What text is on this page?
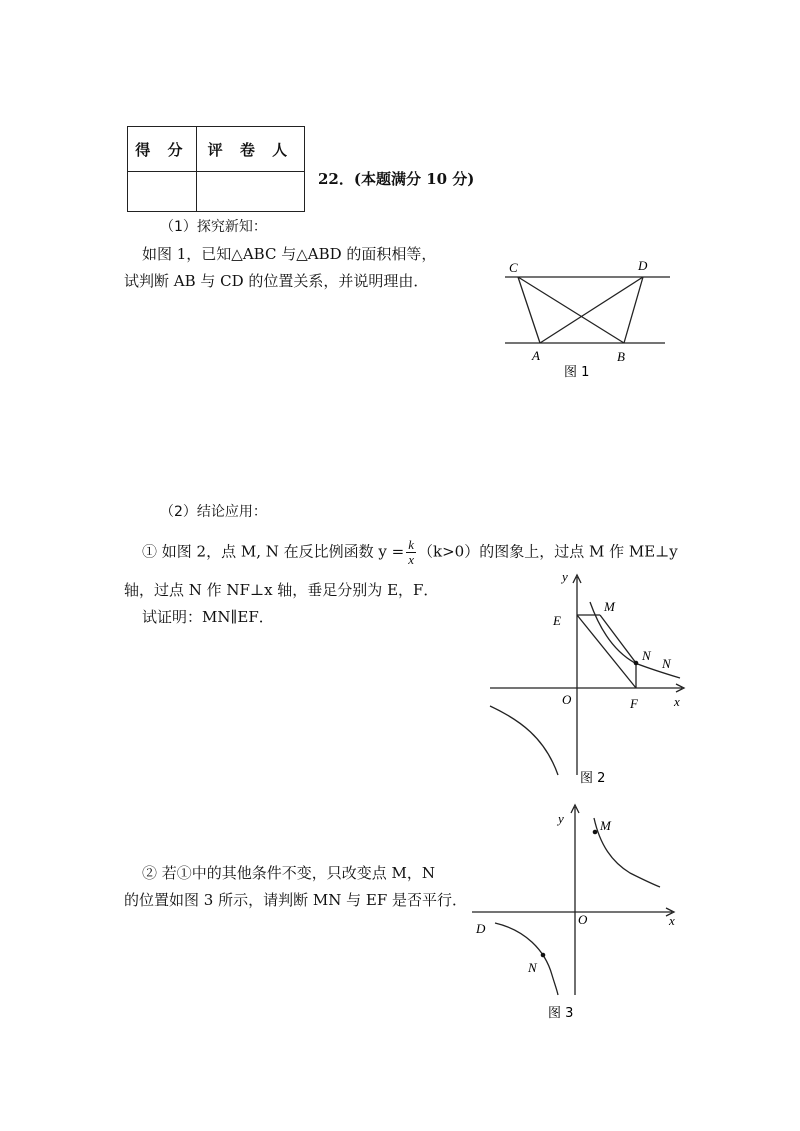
得 分	评 卷 人

22．(本题满分 10 分)
（1）探究新知：
如图 1，已知△ABC 与△ABD 的面积相等，
试判断 AB 与 CD 的位置关系，并说明理由．
C	D
A	B
图 1
（2）结论应用：
① 如图 2，点 M, N 在反比例函数 $y = \frac{k}{x} (k>0)$的图象上，过点 M 作 ME⊥y
轴，过点 N 作 NF⊥x 轴，垂足分别为 E，F．
试证明：MN∥EF．
y
x
O
E
F
M
N
N
图 2
② 若①中的其他条件不变，只改变点 M，N
的位置如图 3 所示，请判断 MN 与 EF 是否平行．
y
x
O
M
N
D
图 3
